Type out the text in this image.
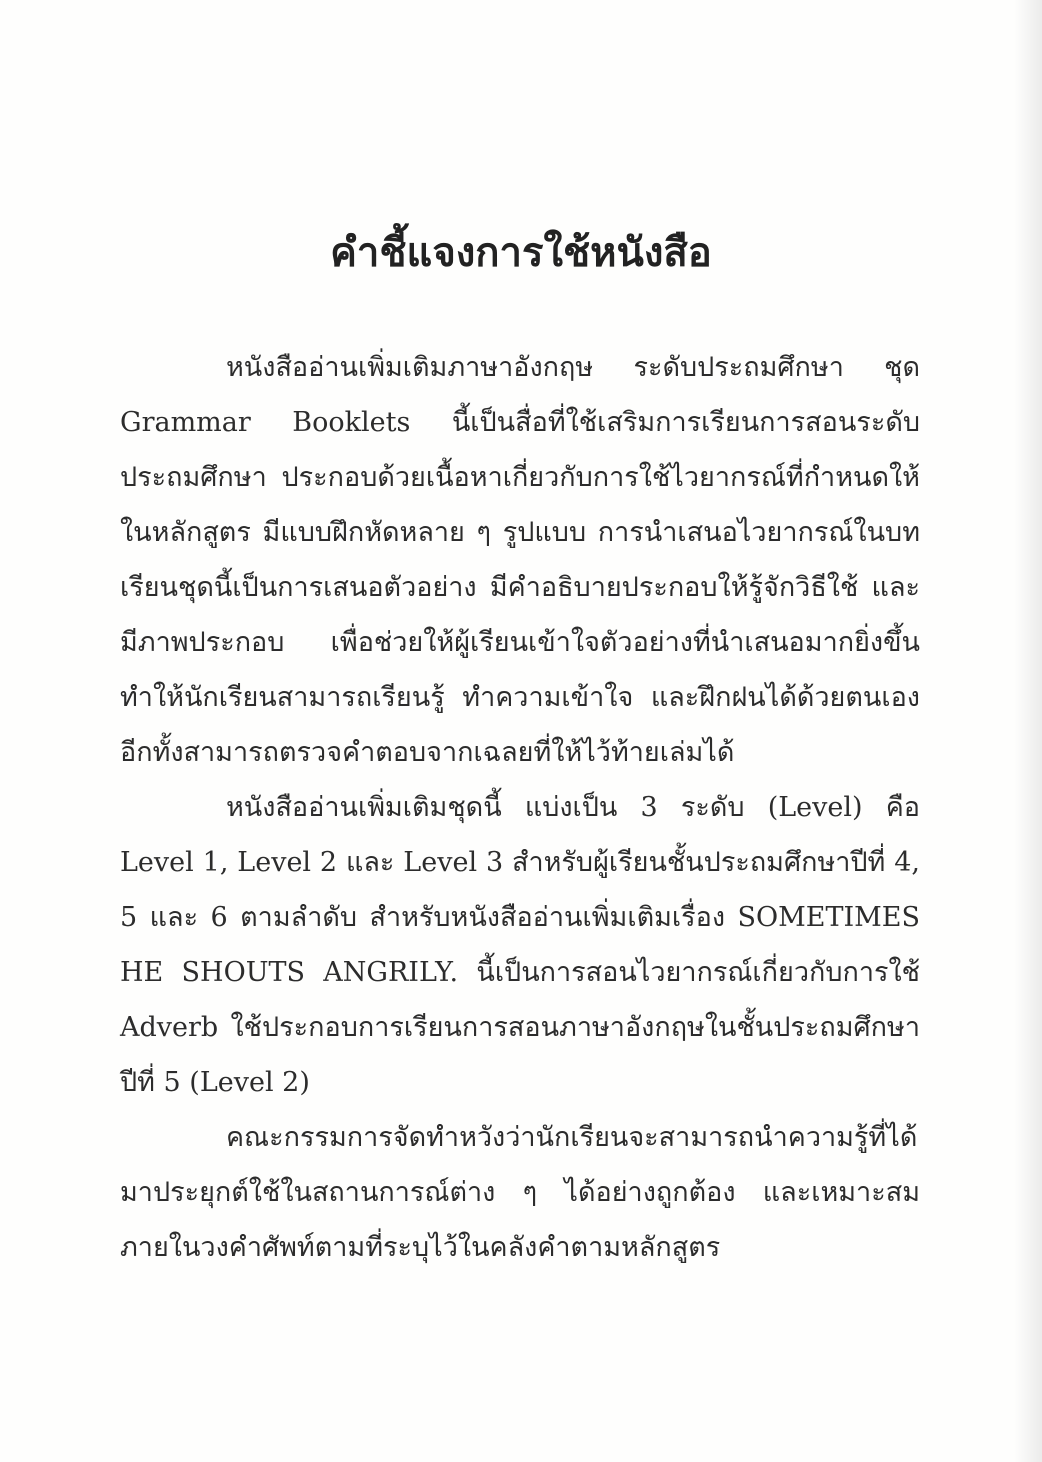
คำชี้แจงการใช้หนังสือ

หนังสืออ่านเพิ่มเติมภาษาอังกฤษ ระดับประถมศึกษา ชุด Grammar Booklets นี้เป็นสื่อที่ใช้เสริมการเรียนการสอนระดับประถมศึกษา ประกอบด้วยเนื้อหาเกี่ยวกับการใช้ไวยากรณ์ที่กำหนดให้ในหลักสูตร มีแบบฝึกหัดหลาย ๆ รูปแบบ การนำเสนอไวยากรณ์ในบทเรียนชุดนี้เป็นการเสนอตัวอย่าง มีคำอธิบายประกอบให้รู้จักวิธีใช้ และมีภาพประกอบ เพื่อช่วยให้ผู้เรียนเข้าใจตัวอย่างที่นำเสนอมากยิ่งขึ้น ทำให้นักเรียนสามารถเรียนรู้ ทำความเข้าใจ และฝึกฝนได้ด้วยตนเอง อีกทั้งสามารถตรวจคำตอบจากเฉลยที่ให้ไว้ท้ายเล่มได้

หนังสืออ่านเพิ่มเติมชุดนี้ แบ่งเป็น 3 ระดับ (Level) คือ Level 1, Level 2 และ Level 3 สำหรับผู้เรียนชั้นประถมศึกษาปีที่ 4, 5 และ 6 ตามลำดับ สำหรับหนังสืออ่านเพิ่มเติมเรื่อง SOMETIMES HE SHOUTS ANGRILY. นี้เป็นการสอนไวยากรณ์เกี่ยวกับการใช้ Adverb ใช้ประกอบการเรียนการสอนภาษาอังกฤษในชั้นประถมศึกษาปีที่ 5 (Level 2)

คณะกรรมการจัดทำหวังว่านักเรียนจะสามารถนำความรู้ที่ได้มาประยุกต์ใช้ในสถานการณ์ต่าง ๆ ได้อย่างถูกต้อง และเหมาะสมภายในวงคำศัพท์ตามที่ระบุไว้ในคลังคำตามหลักสูตร
